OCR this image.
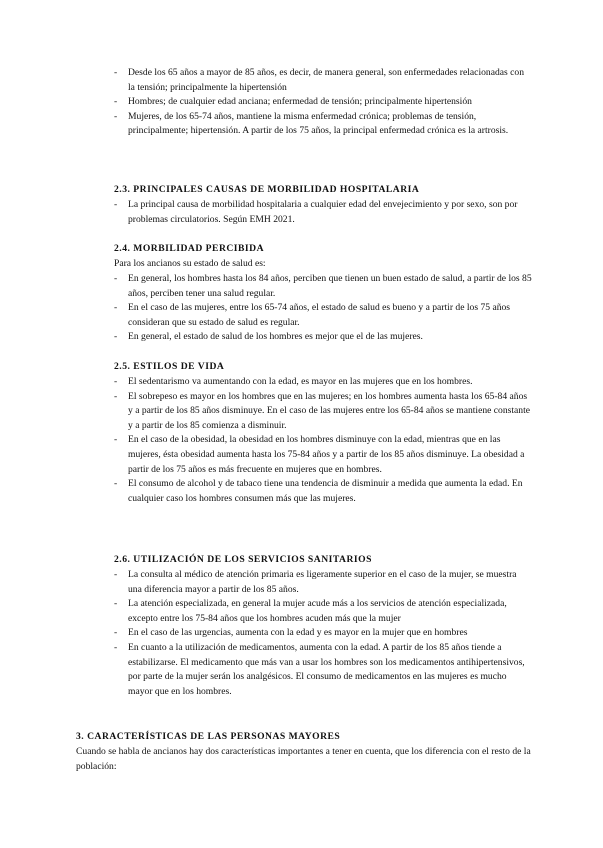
- Desde los 65 años a mayor de 85 años, es decir, de manera general, son enfermedades relacionadas con la tensión; principalmente la hipertensión

- Hombres; de cualquier edad anciana; enfermedad de tensión; principalmente hipertensión

- Mujeres, de los 65-74 años, mantiene la misma enfermedad crónica; problemas de tensión, principalmente; hipertensión. A partir de los 75 años, la principal enfermedad crónica es la artrosis.

2.3. PRINCIPALES CAUSAS DE MORBILIDAD HOSPITALARIA

- La principal causa de morbilidad hospitalaria a cualquier edad del envejecimiento y por sexo, son por problemas circulatorios. Según EMH 2021.

2.4. MORBILIDAD PERCIBIDA
Para los ancianos su estado de salud es:

- En general, los hombres hasta los 84 años, perciben que tienen un buen estado de salud, a partir de los 85 años, perciben tener una salud regular.

- En el caso de las mujeres, entre los 65-74 años, el estado de salud es bueno y a partir de los 75 años consideran que su estado de salud es regular.

- En general, el estado de salud de los hombres es mejor que el de las mujeres.

2.5. ESTILOS DE VIDA

- El sedentarismo va aumentando con la edad, es mayor en las mujeres que en los hombres.

- El sobrepeso es mayor en los hombres que en las mujeres; en los hombres aumenta hasta los 65-84 años y a partir de los 85 años disminuye. En el caso de las mujeres entre los 65-84 años se mantiene constante y a partir de los 85 comienza a disminuir.

- En el caso de la obesidad, la obesidad en los hombres disminuye con la edad, mientras que en las mujeres, ésta obesidad aumenta hasta los 75-84 años y a partir de los 85 años disminuye. La obesidad a partir de los 75 años es más frecuente en mujeres que en hombres.

- El consumo de alcohol y de tabaco tiene una tendencia de disminuir a medida que aumenta la edad. En cualquier caso los hombres consumen más que las mujeres.

2.6. UTILIZACIÓN DE LOS SERVICIOS SANITARIOS

- La consulta al médico de atención primaria es ligeramente superior en el caso de la mujer, se muestra una diferencia mayor a partir de los 85 años.

- La atención especializada, en general la mujer acude más a los servicios de atención especializada, excepto entre los 75-84 años que los hombres acuden más que la mujer

- En el caso de las urgencias, aumenta con la edad y es mayor en la mujer que en hombres

- En cuanto a la utilización de medicamentos, aumenta con la edad. A partir de los 85 años tiende a estabilizarse. El medicamento que más van a usar los hombres son los medicamentos antihipertensivos, por parte de la mujer serán los analgésicos. El consumo de medicamentos en las mujeres es mucho mayor que en los hombres.

3. CARACTERÍSTICAS DE LAS PERSONAS MAYORES
Cuando se habla de ancianos hay dos características importantes a tener en cuenta, que los diferencia con el resto de la población:
